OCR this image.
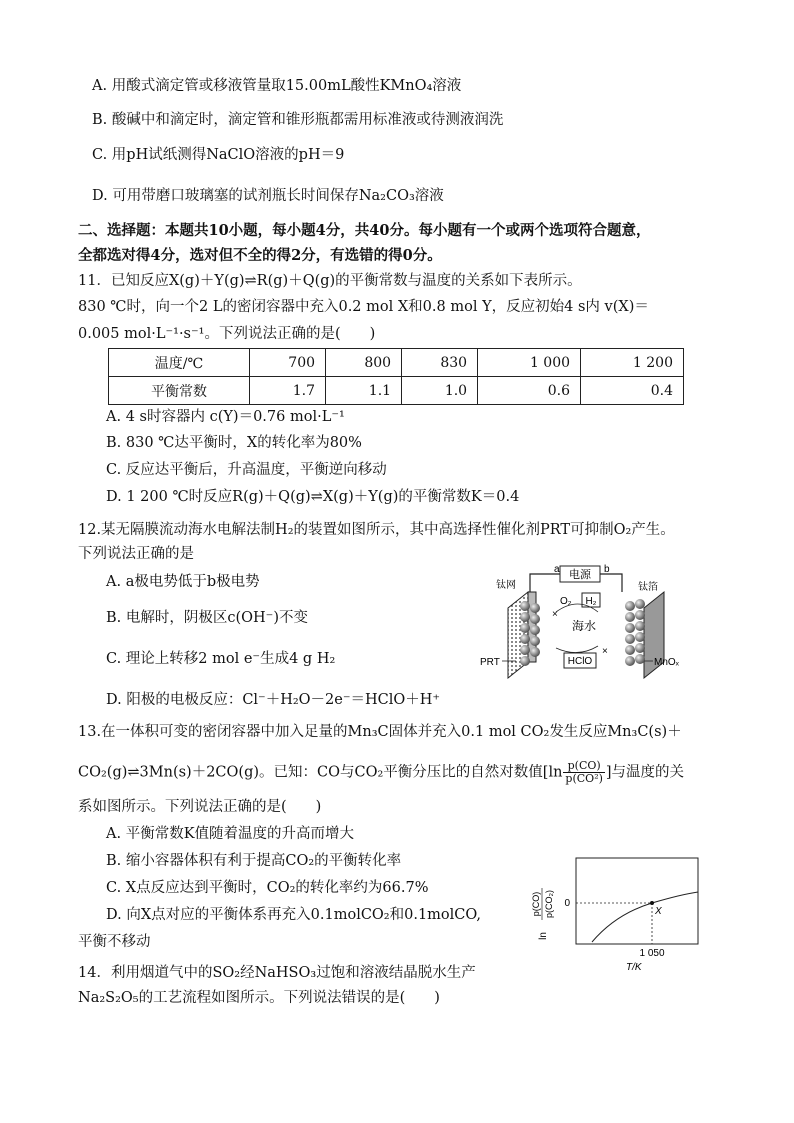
A. 用酸式滴定管或移液管量取15.00mL酸性KMnO₄溶液
B. 酸碱中和滴定时，滴定管和锥形瓶都需用标准液或待测液润洗
C. 用pH试纸测得NaClO溶液的pH＝9
D. 可用带磨口玻璃塞的试剂瓶长时间保存Na₂CO₃溶液
二、选择题：本题共10小题，每小题4分，共40分。每小题有一个或两个选项符合题意，
全都选对得4分，选对但不全的得2分，有选错的得0分。
11．已知反应X(g)＋Y(g)⇌R(g)＋Q(g)的平衡常数与温度的关系如下表所示。
830 ℃时，向一个2 L的密闭容器中充入0.2 mol X和0.8 mol Y，反应初始4 s内 v(X)＝
0.005 mol·L⁻¹·s⁻¹。下列说法正确的是(　　)
温度/℃	700	800	830	1 000	1 200
平衡常数	1.7	1.1	1.0	0.6	0.4
A. 4 s时容器内 c(Y)＝0.76 mol·L⁻¹
B. 830 ℃达平衡时，X的转化率为80%
C. 反应达平衡后，升高温度，平衡逆向移动
D. 1 200 ℃时反应R(g)＋Q(g)⇌X(g)＋Y(g)的平衡常数K＝0.4
12.某无隔膜流动海水电解法制H₂的装置如图所示，其中高选择性催化剂PRT可抑制O₂产生。
下列说法正确的是
A. a极电势低于b极电势
B. 电解时，阴极区c(OH⁻)不变
C. 理论上转移2 mol e⁻生成4 g H₂
D. 阳极的电极反应：Cl⁻＋H₂O－2e⁻＝HClO＋H⁺
电源
a	b
钛网	钛箔
O₂ H₂
×
海水
×
HClO
PRT	MnOₓ
13.在一体积可变的密闭容器中加入足量的Mn₃C固体并充入0.1 mol CO₂发生反应Mn₃C(s)＋
CO₂(g)⇌3Mn(s)＋2CO(g)。已知：CO与CO₂平衡分压比的自然对数值[$\ln \frac{p(CO)}{\text{p(CO²)}}$ ]与温度的关
系如图所示。下列说法正确的是(　　)
A. 平衡常数K值随着温度的升高而增大
B. 缩小容器体积有利于提高CO₂的平衡转化率
C. X点反应达到平衡时，CO₂的转化率约为66.7%
D. 向X点对应的平衡体系再充入0.1molCO₂和0.1molCO,
平衡不移动	ln
p(CO) p(CO₂) 0
X
1 050
T/K
14．利用烟道气中的SO₂经NaHSO₃过饱和溶液结晶脱水生产
Na₂S₂O₅的工艺流程如图所示。下列说法错误的是(　　)
